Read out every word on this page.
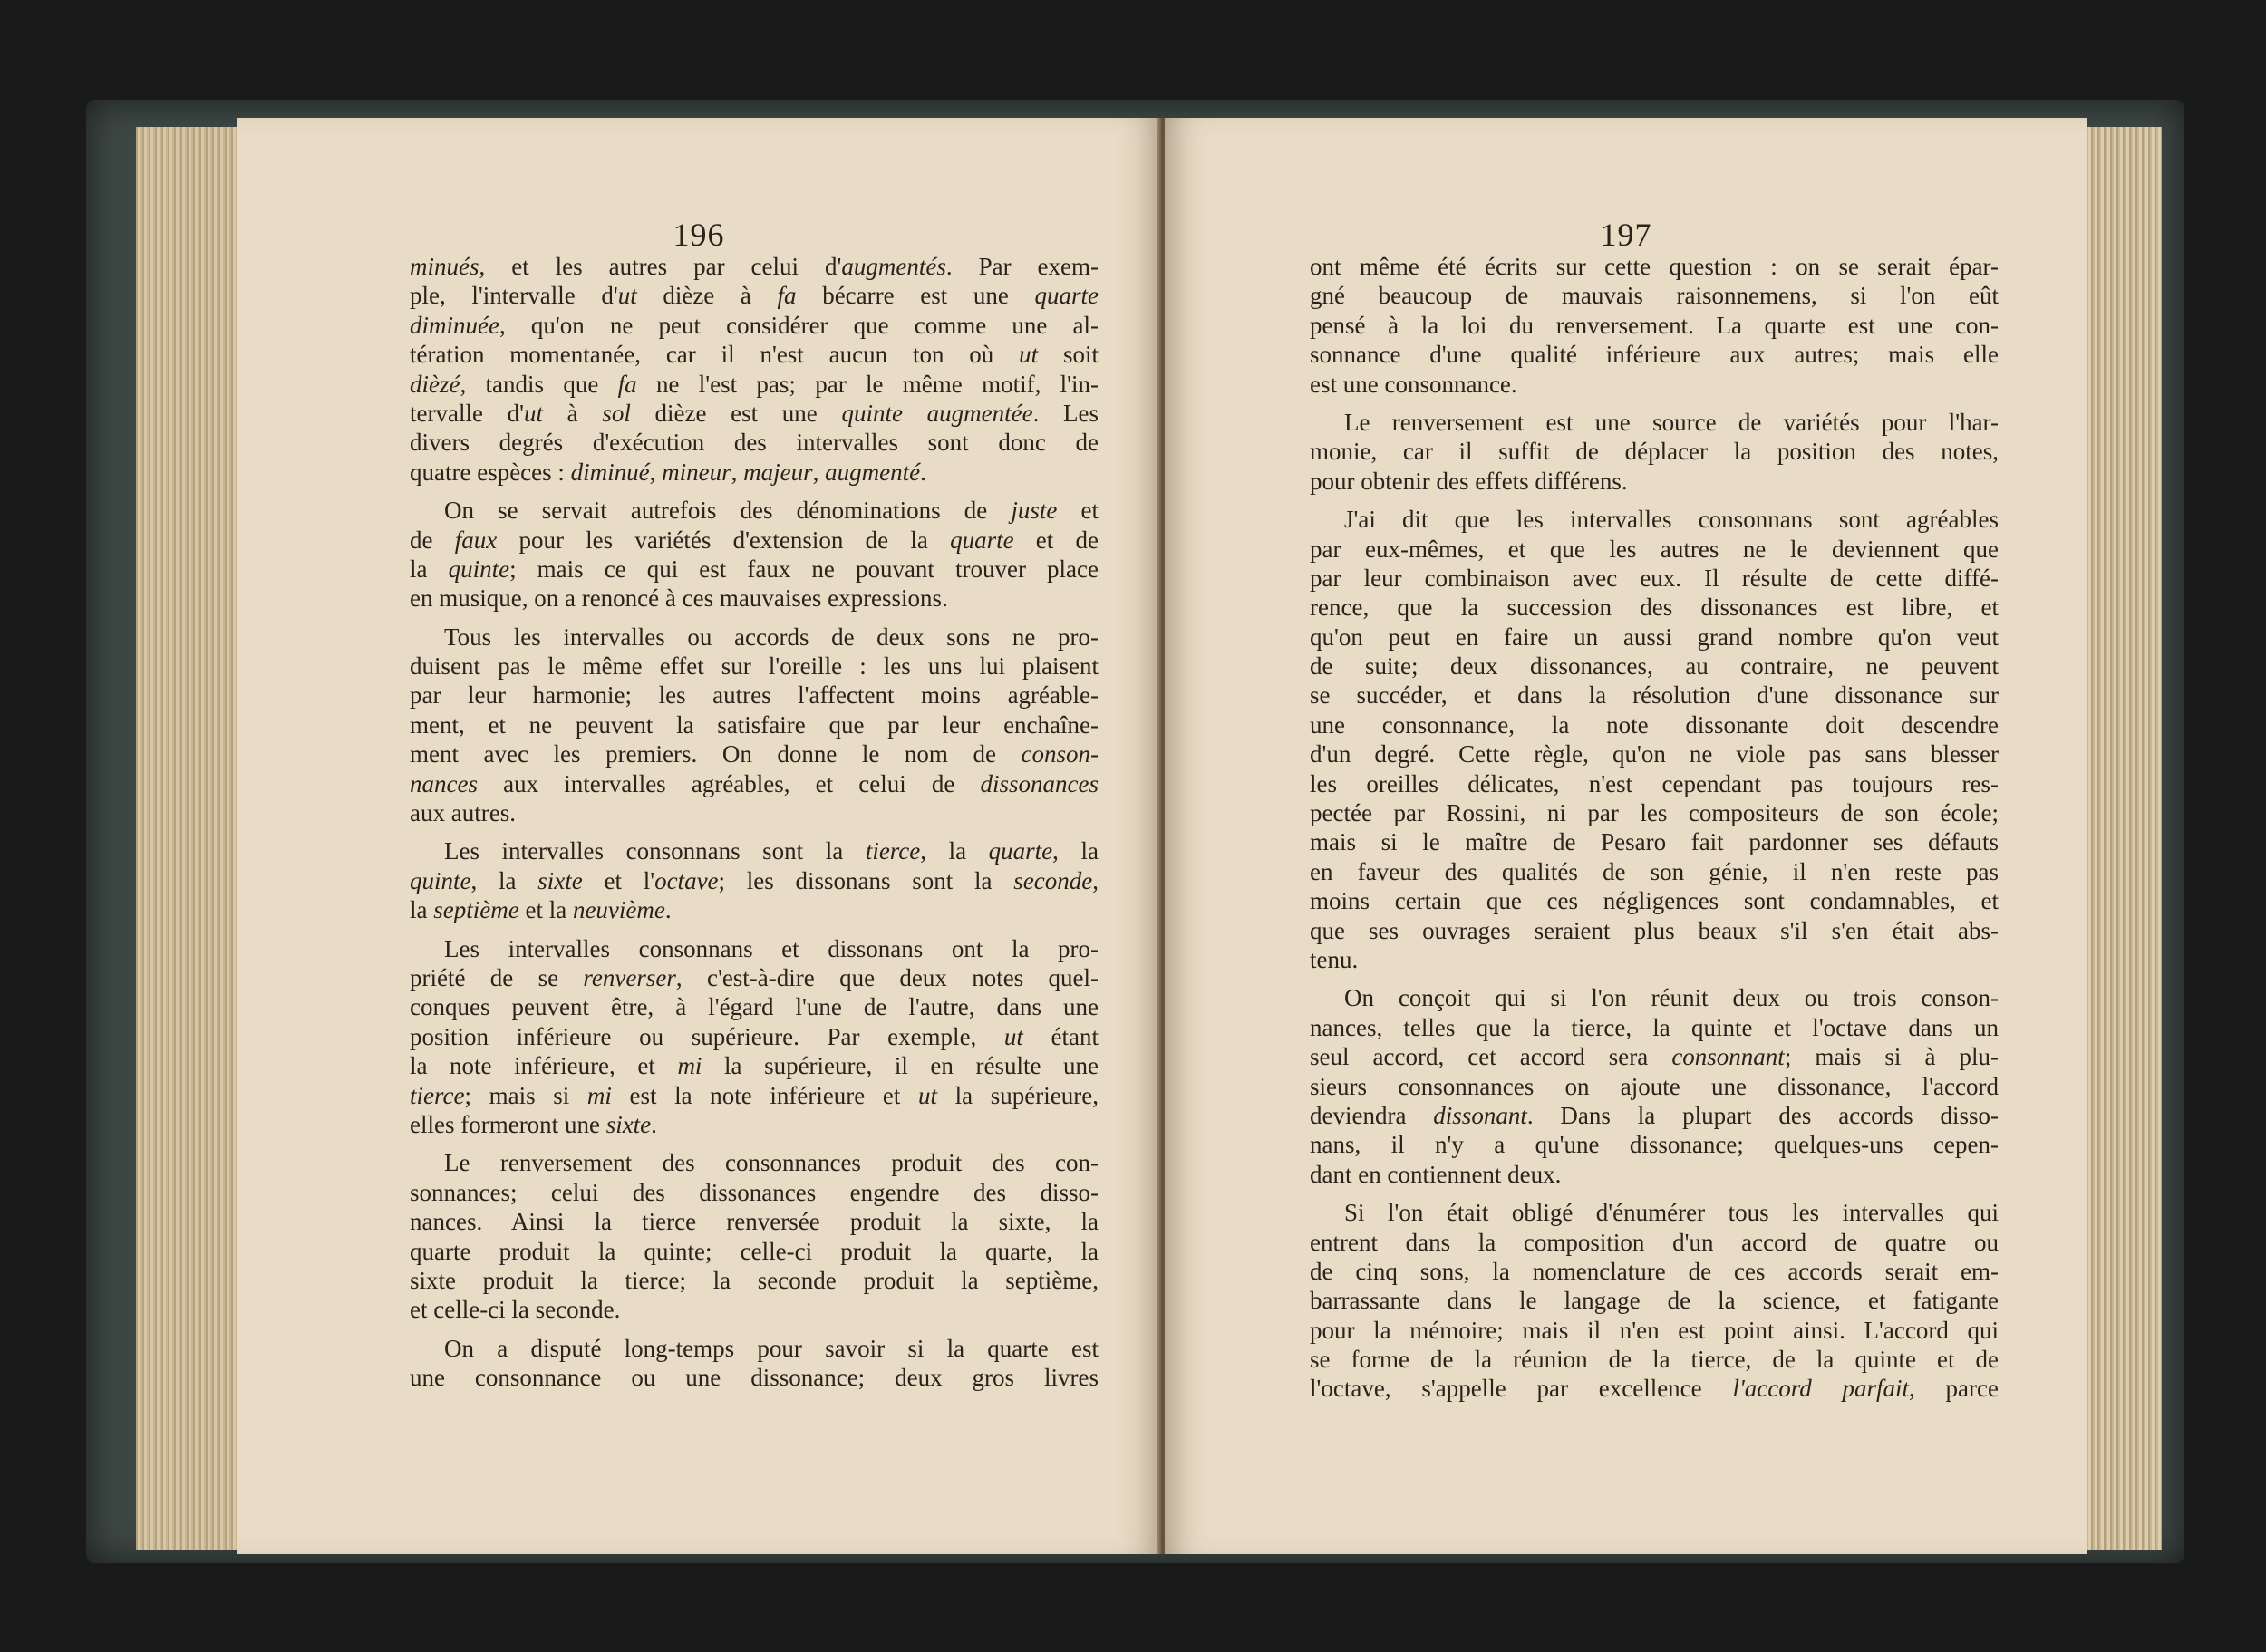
196
minués, et les autres par celui d'augmentés. Par exem-
ple, l'intervalle d'ut dièze à fa bécarre est une quarte
diminuée, qu'on ne peut considérer que comme une al-
tération momentanée, car il n'est aucun ton où ut soit
dièzé, tandis que fa ne l'est pas; par le même motif, l'in-
tervalle d'ut à sol dièze est une quinte augmentée. Les
divers degrés d'exécution des intervalles sont donc de
quatre espèces : diminué, mineur, majeur, augmenté.
On se servait autrefois des dénominations de juste et
de faux pour les variétés d'extension de la quarte et de
la quinte; mais ce qui est faux ne pouvant trouver place
en musique, on a renoncé à ces mauvaises expressions.
Tous les intervalles ou accords de deux sons ne pro-
duisent pas le même effet sur l'oreille : les uns lui plaisent
par leur harmonie; les autres l'affectent moins agréable-
ment, et ne peuvent la satisfaire que par leur enchaîne-
ment avec les premiers. On donne le nom de conson-
nances aux intervalles agréables, et celui de dissonances
aux autres.
Les intervalles consonnans sont la tierce, la quarte, la
quinte, la sixte et l'octave; les dissonans sont la seconde,
la septième et la neuvième.
Les intervalles consonnans et dissonans ont la pro-
priété de se renverser, c'est-à-dire que deux notes quel-
conques peuvent être, à l'égard l'une de l'autre, dans une
position inférieure ou supérieure. Par exemple, ut étant
la note inférieure, et mi la supérieure, il en résulte une
tierce; mais si mi est la note inférieure et ut la supérieure,
elles formeront une sixte.
Le renversement des consonnances produit des con-
sonnances; celui des dissonances engendre des disso-
nances. Ainsi la tierce renversée produit la sixte, la
quarte produit la quinte; celle-ci produit la quarte, la
sixte produit la tierce; la seconde produit la septième,
et celle-ci la seconde.
On a disputé long-temps pour savoir si la quarte est
une consonnance ou une dissonance; deux gros livres
197
ont même été écrits sur cette question : on se serait épar-
gné beaucoup de mauvais raisonnemens, si l'on eût
pensé à la loi du renversement. La quarte est une con-
sonnance d'une qualité inférieure aux autres; mais elle
est une consonnance.
Le renversement est une source de variétés pour l'har-
monie, car il suffit de déplacer la position des notes,
pour obtenir des effets différens.
J'ai dit que les intervalles consonnans sont agréables
par eux-mêmes, et que les autres ne le deviennent que
par leur combinaison avec eux. Il résulte de cette diffé-
rence, que la succession des dissonances est libre, et
qu'on peut en faire un aussi grand nombre qu'on veut
de suite; deux dissonances, au contraire, ne peuvent
se succéder, et dans la résolution d'une dissonance sur
une consonnance, la note dissonante doit descendre
d'un degré. Cette règle, qu'on ne viole pas sans blesser
les oreilles délicates, n'est cependant pas toujours res-
pectée par Rossini, ni par les compositeurs de son école;
mais si le maître de Pesaro fait pardonner ses défauts
en faveur des qualités de son génie, il n'en reste pas
moins certain que ces négligences sont condamnables, et
que ses ouvrages seraient plus beaux s'il s'en était abs-
tenu.
On conçoit qui si l'on réunit deux ou trois conson-
nances, telles que la tierce, la quinte et l'octave dans un
seul accord, cet accord sera consonnant; mais si à plu-
sieurs consonnances on ajoute une dissonance, l'accord
deviendra dissonant. Dans la plupart des accords disso-
nans, il n'y a qu'une dissonance; quelques-uns cepen-
dant en contiennent deux.
Si l'on était obligé d'énumérer tous les intervalles qui
entrent dans la composition d'un accord de quatre ou
de cinq sons, la nomenclature de ces accords serait em-
barrassante dans le langage de la science, et fatigante
pour la mémoire; mais il n'en est point ainsi. L'accord qui
se forme de la réunion de la tierce, de la quinte et de
l'octave, s'appelle par excellence l'accord parfait, parce
